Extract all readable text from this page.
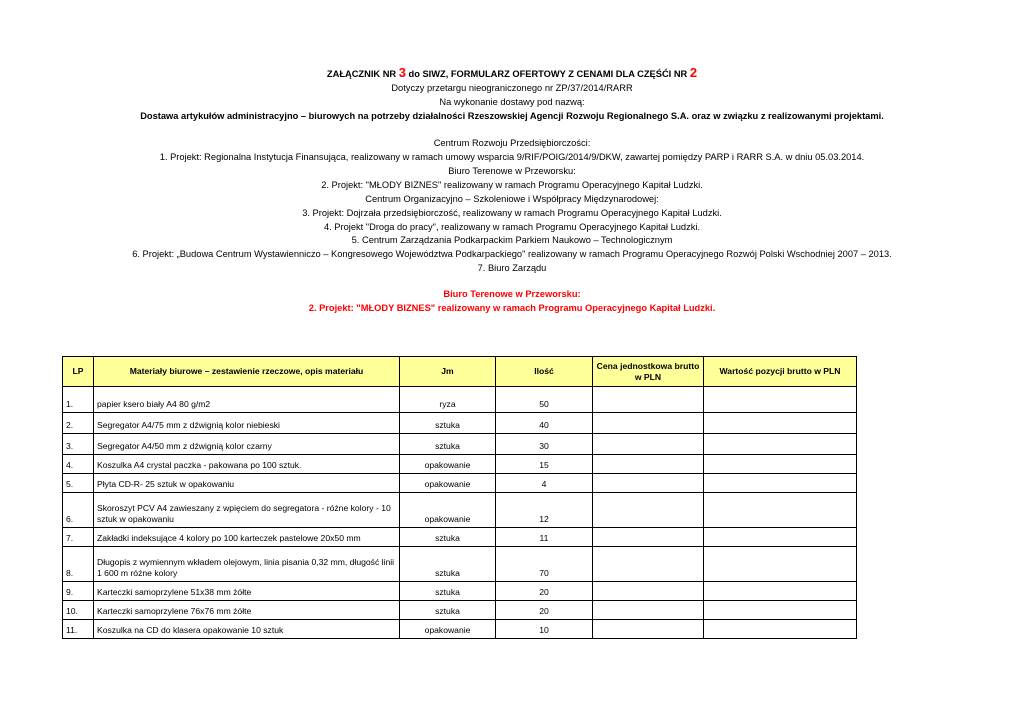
ZAŁĄCZNIK NR 3 do SIWZ, FORMULARZ OFERTOWY Z CENAMI DLA CZĘŚĆI NR 2
Dotyczy przetargu nieograniczonego nr ZP/37/2014/RARR
Na wykonanie dostawy pod nazwą:
Dostawa artykułów administracyjno – biurowych na potrzeby działalności Rzeszowskiej Agencji Rozwoju Regionalnego S.A. oraz w związku z realizowanymi projektami.
Centrum Rozwoju Przedsiębiorczości:
1. Projekt: Regionalna Instytucja Finansująca, realizowany w ramach umowy wsparcia 9/RIF/POIG/2014/9/DKW, zawartej pomiędzy PARP i RARR S.A. w dniu 05.03.2014.
Biuro Terenowe w Przeworsku:
2. Projekt: "MŁODY BIZNES" realizowany w ramach Programu Operacyjnego Kapitał Ludzki.
Centrum Organizacyjno – Szkoleniowe i Współpracy Międzynarodowej:
3. Projekt: Dojrzała przedsiębiorczość, realizowany w ramach Programu Operacyjnego Kapitał Ludzki.
4. Projekt "Droga do pracy", realizowany w ramach Programu Operacyjnego Kapitał Ludzki.
5. Centrum Zarządzania Podkarpackim Parkiem Naukowo – Technologicznym
6. Projekt: „Budowa Centrum Wystawienniczo – Kongresowego Województwa Podkarpackiego" realizowany w ramach Programu Operacyjnego Rozwój Polski Wschodniej 2007 – 2013.
7. Biuro Zarządu
Biuro Terenowe w Przeworsku:
2. Projekt: "MŁODY BIZNES" realizowany w ramach Programu Operacyjnego Kapitał Ludzki.
LP	Materiały biurowe – zestawienie rzeczowe, opis materiału	Jm	Ilość	Cena jednostkowa brutto w PLN	Wartość pozycji brutto w PLN
1.	papier ksero biały A4 80 g/m2	ryza	50		
2.	Segregator A4/75 mm z dźwignią kolor niebieski	sztuka	40		
3.	Segregator A4/50 mm z dźwignią kolor czarny	sztuka	30		
4.	Koszulka A4 crystal paczka - pakowana po 100 sztuk.	opakowanie	15		
5.	Płyta CD-R- 25 sztuk w opakowaniu	opakowanie	4		
6.	Skoroszyt PCV A4 zawieszany z wpięciem do segregatora - różne kolory - 10 sztuk w opakowaniu	opakowanie	12		
7.	Zakładki indeksujące 4 kolory po 100 karteczek pastelowe 20x50 mm	sztuka	11		
8.	Długopis z wymiennym wkładem olejowym, linia pisania 0,32 mm, długość linii 1 600 m różne kolory	sztuka	70		
9.	Karteczki samoprzylene 51x38 mm żółte	sztuka	20		
10.	Karteczki samoprzylene 76x76 mm żółte	sztuka	20		
11.	Koszulka na CD do klasera opakowanie 10 sztuk	opakowanie	10		
